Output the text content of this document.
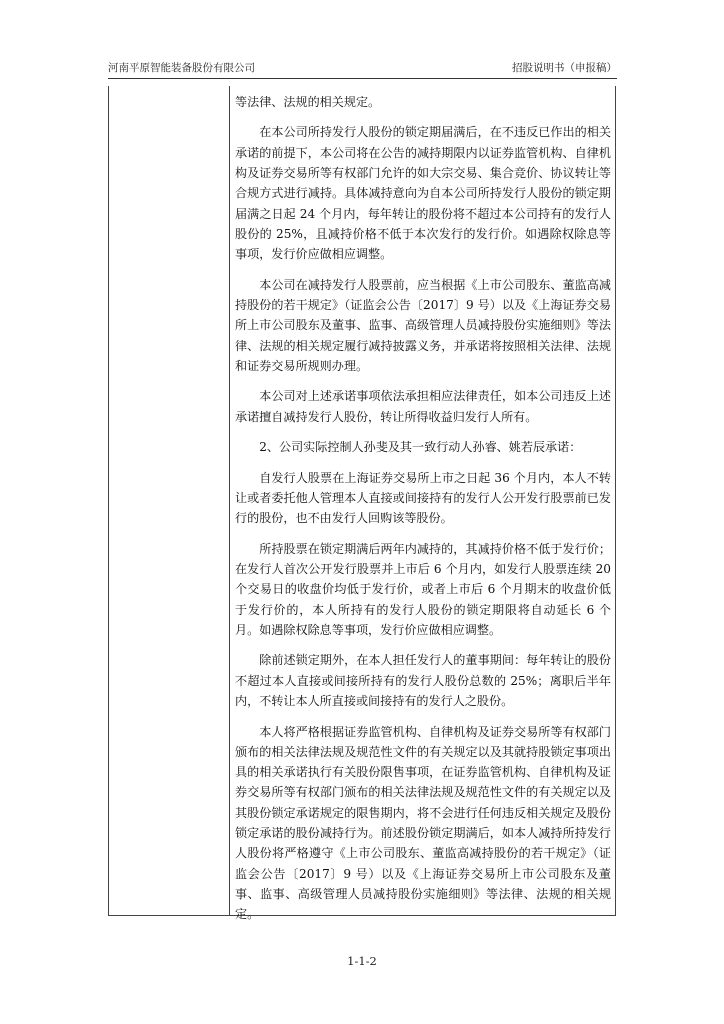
河南平原智能装备股份有限公司	招股说明书（申报稿）

等法律、法规的相关规定。

在本公司所持发行人股份的锁定期届满后，在不违反已作出的相关承诺的前提下，本公司将在公告的减持期限内以证券监管机构、自律机构及证券交易所等有权部门允许的如大宗交易、集合竞价、协议转让等合规方式进行减持。具体减持意向为自本公司所持发行人股份的锁定期届满之日起 24 个月内，每年转让的股份将不超过本公司持有的发行人股份的 25%，且减持价格不低于本次发行的发行价。如遇除权除息等事项，发行价应做相应调整。

本公司在减持发行人股票前，应当根据《上市公司股东、董监高减持股份的若干规定》（证监会公告〔2017〕9 号）以及《上海证券交易所上市公司股东及董事、监事、高级管理人员减持股份实施细则》等法律、法规的相关规定履行减持披露义务，并承诺将按照相关法律、法规和证券交易所规则办理。

本公司对上述承诺事项依法承担相应法律责任，如本公司违反上述承诺擅自减持发行人股份，转让所得收益归发行人所有。

2、公司实际控制人孙斐及其一致行动人孙睿、姚若辰承诺：

自发行人股票在上海证券交易所上市之日起 36 个月内，本人不转让或者委托他人管理本人直接或间接持有的发行人公开发行股票前已发行的股份，也不由发行人回购该等股份。

所持股票在锁定期满后两年内减持的，其减持价格不低于发行价；在发行人首次公开发行股票并上市后 6 个月内，如发行人股票连续 20 个交易日的收盘价均低于发行价，或者上市后 6 个月期末的收盘价低于发行价的，本人所持有的发行人股份的锁定期限将自动延长 6 个月。如遇除权除息等事项，发行价应做相应调整。

除前述锁定期外，在本人担任发行人的董事期间：每年转让的股份不超过本人直接或间接所持有的发行人股份总数的 25%；离职后半年内，不转让本人所直接或间接持有的发行人之股份。

本人将严格根据证券监管机构、自律机构及证券交易所等有权部门颁布的相关法律法规及规范性文件的有关规定以及其就持股锁定事项出具的相关承诺执行有关股份限售事项，在证券监管机构、自律机构及证券交易所等有权部门颁布的相关法律法规及规范性文件的有关规定以及其股份锁定承诺规定的限售期内，将不会进行任何违反相关规定及股份锁定承诺的股份减持行为。前述股份锁定期满后，如本人减持所持发行人股份将严格遵守《上市公司股东、董监高减持股份的若干规定》（证监会公告〔2017〕9 号）以及《上海证券交易所上市公司股东及董事、监事、高级管理人员减持股份实施细则》等法律、法规的相关规定。

1-1-2
